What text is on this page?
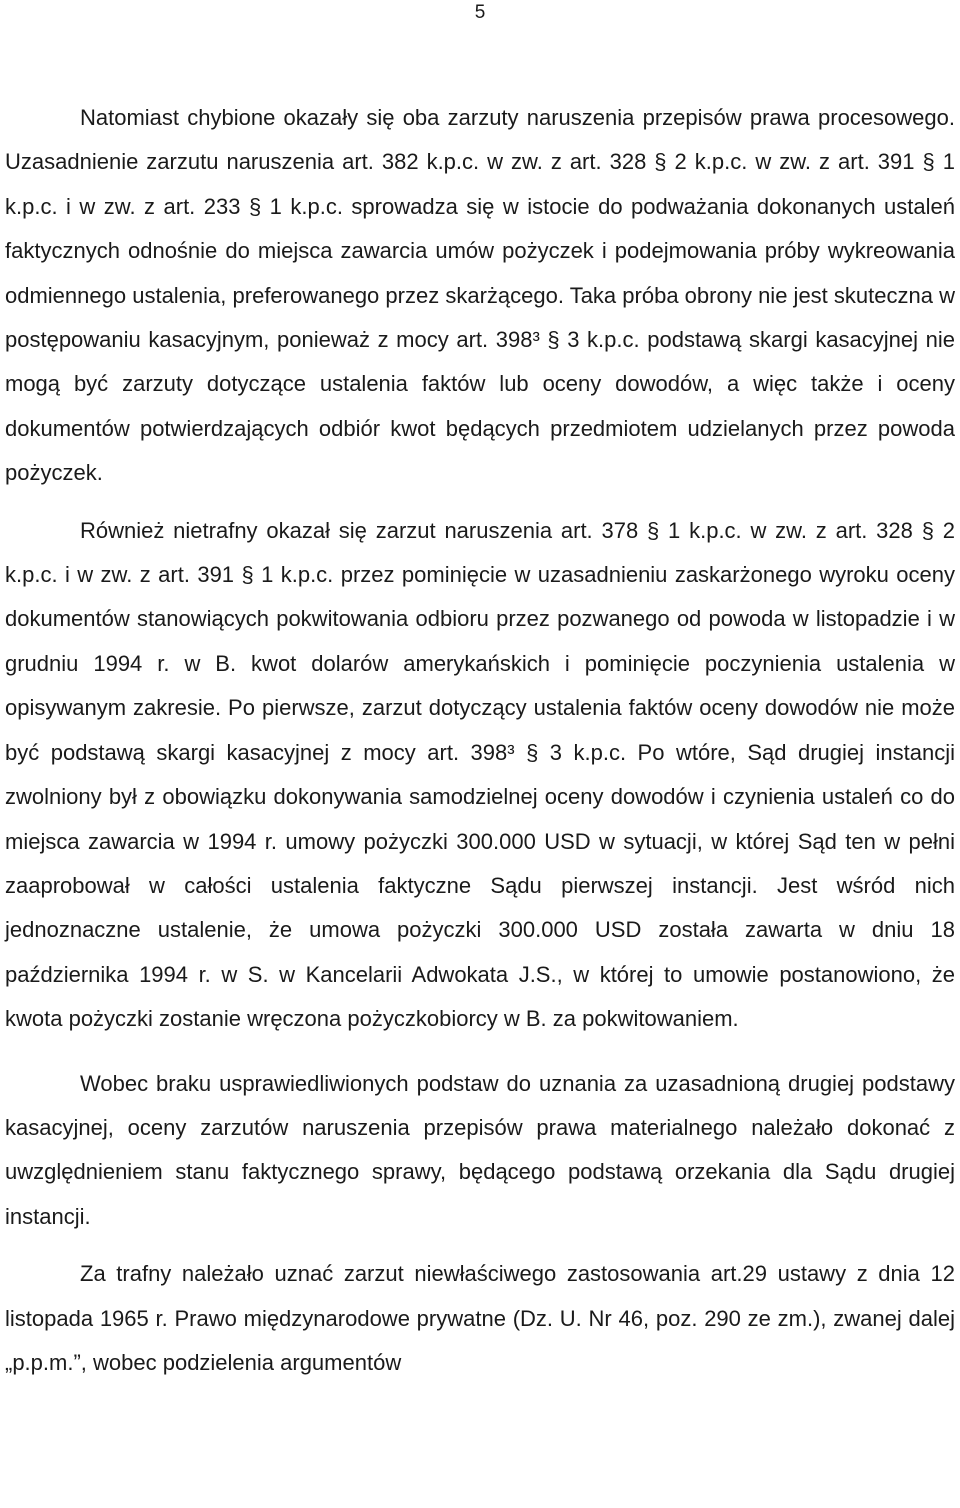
5

Natomiast chybione okazały się oba zarzuty naruszenia przepisów prawa procesowego. Uzasadnienie zarzutu naruszenia art. 382 k.p.c. w zw. z art. 328 § 2 k.p.c. w zw. z art. 391 § 1 k.p.c. i w zw. z art. 233 § 1 k.p.c. sprowadza się w istocie do podważania dokonanych ustaleń faktycznych odnośnie do miejsca zawarcia umów pożyczek i podejmowania próby wykreowania odmiennego ustalenia, preferowanego przez skarżącego. Taka próba obrony nie jest skuteczna w postępowaniu kasacyjnym, ponieważ z mocy art. 398³ § 3 k.p.c. podstawą skargi kasacyjnej nie mogą być zarzuty dotyczące ustalenia faktów lub oceny dowodów, a więc także i oceny dokumentów potwierdzających odbiór kwot będących przedmiotem udzielanych przez powoda pożyczek.

Również nietrafny okazał się zarzut naruszenia art. 378 § 1 k.p.c. w zw. z art. 328 § 2 k.p.c. i w zw. z art. 391 § 1 k.p.c. przez pominięcie w uzasadnieniu zaskarżonego wyroku oceny dokumentów stanowiących pokwitowania odbioru przez pozwanego od powoda w listopadzie i w grudniu 1994 r. w B. kwot dolarów amerykańskich i pominięcie poczynienia ustalenia w opisywanym zakresie. Po pierwsze, zarzut dotyczący ustalenia faktów oceny dowodów nie może być podstawą skargi kasacyjnej z mocy art. 398³ § 3 k.p.c. Po wtóre, Sąd drugiej instancji zwolniony był z obowiązku dokonywania samodzielnej oceny dowodów i czynienia ustaleń co do miejsca zawarcia w 1994 r. umowy pożyczki 300.000 USD w sytuacji, w której Sąd ten w pełni zaaprobował w całości ustalenia faktyczne Sądu pierwszej instancji. Jest wśród nich jednoznaczne ustalenie, że umowa pożyczki 300.000 USD została zawarta w dniu 18 października 1994 r. w S. w Kancelarii Adwokata J.S., w której to umowie postanowiono, że kwota pożyczki zostanie wręczona pożyczkobiorcy w B. za pokwitowaniem.

Wobec braku usprawiedliwionych podstaw do uznania za uzasadnioną drugiej podstawy kasacyjnej, oceny zarzutów naruszenia przepisów prawa materialnego należało dokonać z uwzględnieniem stanu faktycznego sprawy, będącego podstawą orzekania dla Sądu drugiej instancji.

Za trafny należało uznać zarzut niewłaściwego zastosowania art.29 ustawy z dnia 12 listopada 1965 r. Prawo międzynarodowe prywatne (Dz. U. Nr 46, poz. 290 ze zm.), zwanej dalej „p.p.m.”, wobec podzielenia argumentów
